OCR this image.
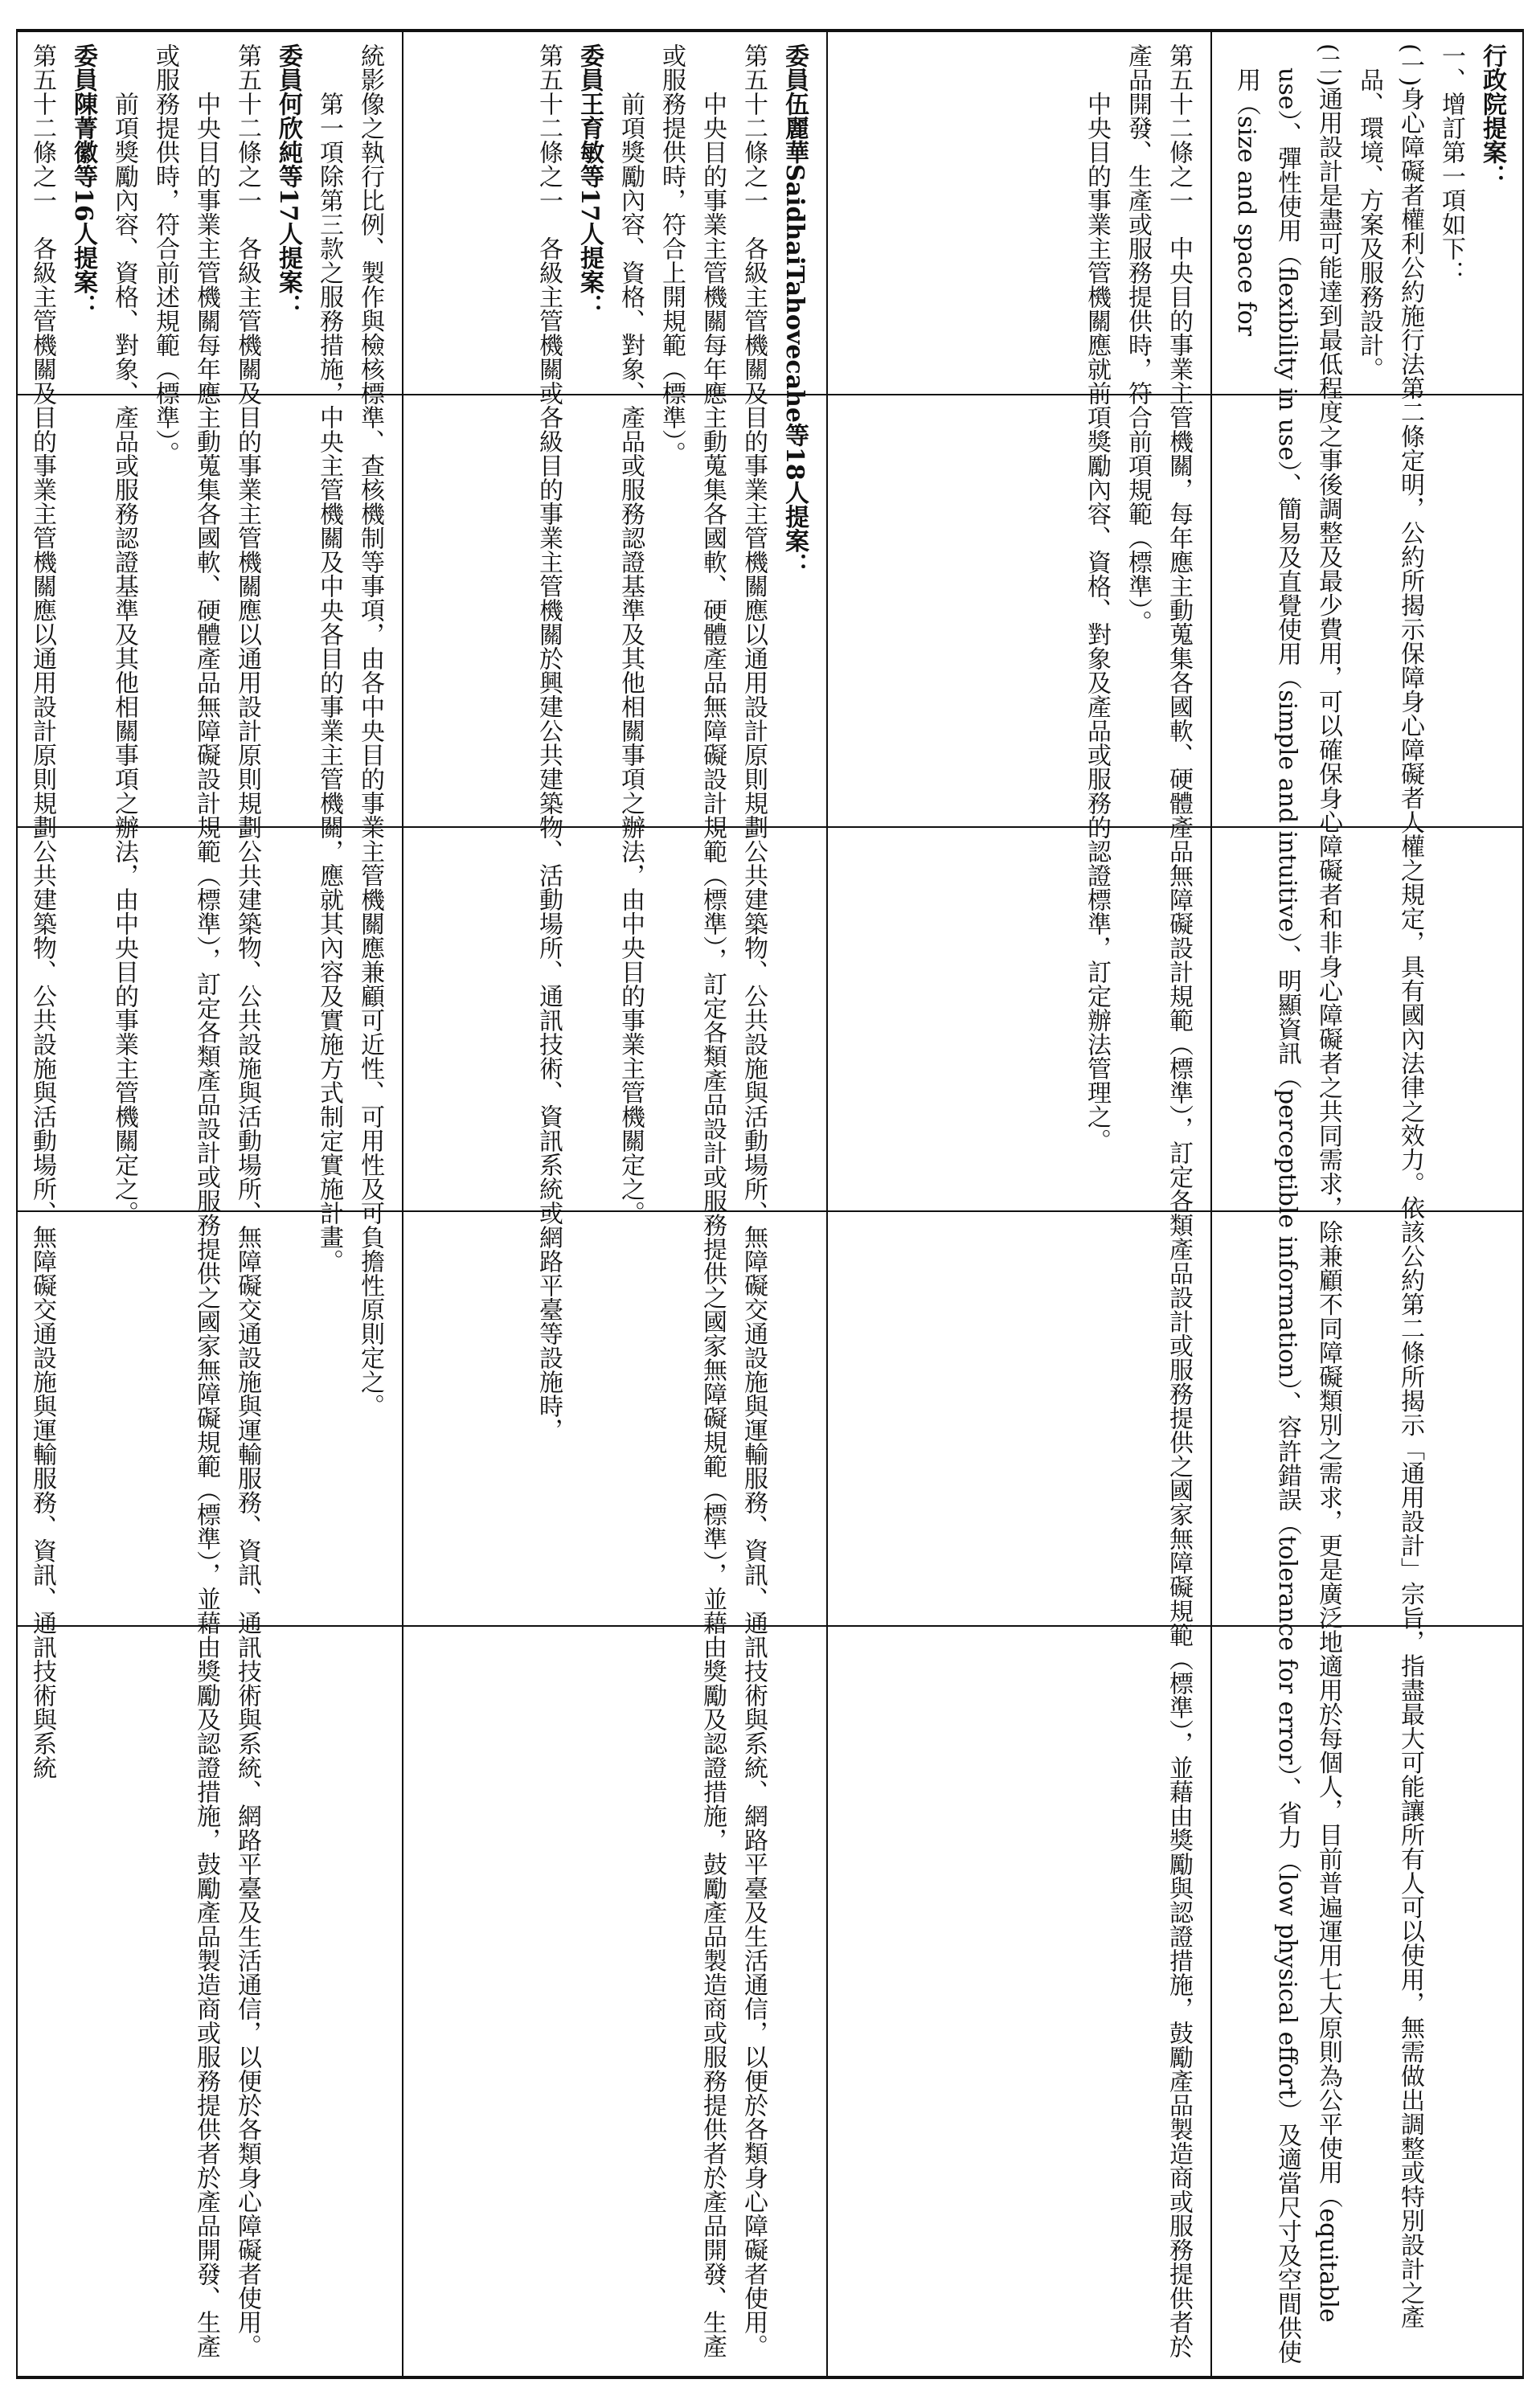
行政院提案：

一、增訂第一項如下：

(一)身心障礙者權利公約施行法第二條定明，公約所揭示保障身心障礙者人權之規定，具有國內法律之效力。依該公約第二條所揭示「通用設計」宗旨，指盡最大可能讓所有人可以使用，無需做出調整或特別設計之產品、環境、方案及服務設計。

(二)通用設計是盡可能達到最低程度之事後調整及最少費用，可以確保身心障礙者和非身心障礙者之共同需求，除兼顧不同障礙類別之需求，更是廣泛地適用於每個人，目前普遍運用七大原則為公平使用（equitable use）、彈性使用（flexibility in use）、簡易及直覺使用（simple and intuitive）、明顯資訊（perceptible information）、容許錯誤（tolerance for error）、省力（low physical effort）及適當尺寸及空間供使用（size and space for

第五十二條之一　中央目的事業主管機關，每年應主動蒐集各國軟、硬體產品無障礙設計規範（標準），訂定各類產品設計或服務提供之國家無障礙規範（標準），並藉由獎勵與認證措施，鼓勵產品製造商或服務提供者於產品開發、生產或服務提供時，符合前項規範（標準）。

中央目的事業主管機關應就前項獎勵內容、資格、對象及產品或服務的認證標準，訂定辦法管理之。

委員伍麗華SaidhaiTahovecahe等18人提案：

第五十二條之一　各級主管機關及目的事業主管機關應以通用設計原則規劃公共建築物、公共設施與活動場所、無障礙交通設施與運輸服務、資訊、通訊技術與系統、網路平臺及生活通信，以便於各類身心障礙者使用。

中央目的事業主管機關每年應主動蒐集各國軟、硬體產品無障礙設計規範（標準），訂定各類產品設計或服務提供之國家無障礙規範（標準），並藉由獎勵及認證措施，鼓勵產品製造商或服務提供者於產品開發、生產或服務提供時，符合上開規範（標準）。

前項獎勵內容、資格、對象、產品或服務認證基準及其他相關事項之辦法，由中央目的事業主管機關定之。

委員王育敏等17人提案：

第五十二條之一　各級主管機關或各級目的事業主管機關於興建公共建築物、活動場所、通訊技術、資訊系統或網路平臺等設施時，

統影像之執行比例、製作與檢核標準、查核機制等事項，由各中央目的事業主管機關應兼顧可近性、可用性及可負擔性原則定之。

第一項除第三款之服務措施，中央主管機關及中央各目的事業主管機關，應就其內容及實施方式制定實施計畫。

委員何欣純等17人提案：

第五十二條之一　各級主管機關及目的事業主管機關應以通用設計原則規劃公共建築物、公共設施與活動場所、無障礙交通設施與運輸服務、資訊、通訊技術與系統、網路平臺及生活通信，以便於各類身心障礙者使用。

中央目的事業主管機關每年應主動蒐集各國軟、硬體產品無障礙設計規範（標準），訂定各類產品設計或服務提供之國家無障礙規範（標準），並藉由獎勵及認證措施，鼓勵產品製造商或服務提供者於產品開發、生產或服務提供時，符合前述規範（標準）。

前項獎勵內容、資格、對象、產品或服務認證基準及其他相關事項之辦法，由中央目的事業主管機關定之。

委員陳菁徽等16人提案：

第五十二條之一　各級主管機關及目的事業主管機關應以通用設計原則規劃公共建築物、公共設施與活動場所、無障礙交通設施與運輸服務、資訊、通訊技術與系統
